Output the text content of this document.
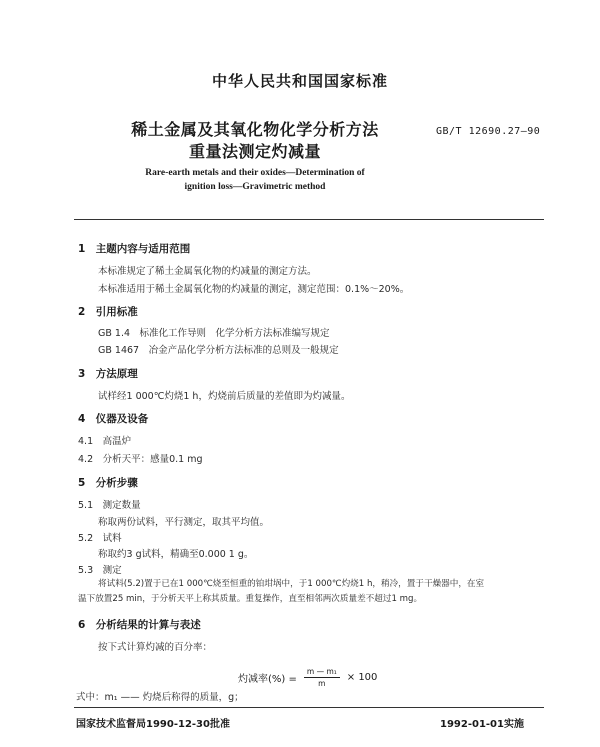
中华人民共和国国家标准
稀土金属及其氧化物化学分析方法
重量法测定灼减量
GB/T 12690.27—90
Rare-earth metals and their oxides—Determination of
ignition loss—Gravimetric method
1　主题内容与适用范围
本标准规定了稀土金属氧化物的灼减量的测定方法。
本标准适用于稀土金属氧化物的灼减量的测定，测定范围：0.1%～20%。
2　引用标准
GB 1.4　标准化工作导则　化学分析方法标准编写规定
GB 1467　冶金产品化学分析方法标准的总则及一般规定
3　方法原理
试样经1 000℃灼烧1 h，灼烧前后质量的差值即为灼减量。
4　仪器及设备
4.1　高温炉
4.2　分析天平：感量0.1 mg
5　分析步骤
5.1　测定数量
称取两份试料，平行测定，取其平均值。
5.2　试料
称取约3 g试料，精确至0.000 1 g。
5.3　测定
将试料(5.2)置于已在1 000℃烧至恒重的铂坩埚中，于1 000℃灼烧1 h，稍冷，置于干燥器中，在室
温下放置25 min，于分析天平上称其质量。重复操作，直至相邻两次质量差不超过1 mg。
6　分析结果的计算与表述
按下式计算灼减的百分率：
灼减率(%) = $\frac{\text{m — m₁}}{m} \times 100$
式中：m₁ —— 灼烧后称得的质量，g；
国家技术监督局1990-12-30批准	1992-01-01实施
